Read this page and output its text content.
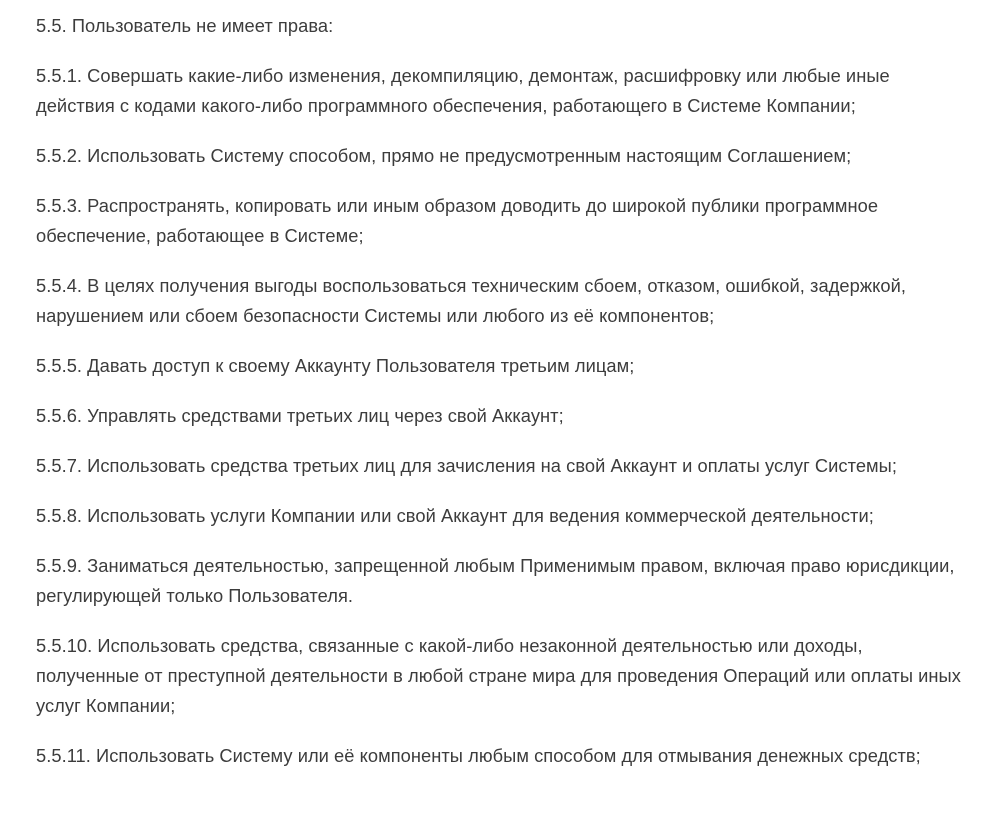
5.5. Пользователь не имеет права:

5.5.1. Совершать какие-либо изменения, декомпиляцию, демонтаж, расшифровку или любые иные действия с кодами какого-либо программного обеспечения, работающего в Системе Компании;

5.5.2. Использовать Систему способом, прямо не предусмотренным настоящим Соглашением;

5.5.3. Распространять, копировать или иным образом доводить до широкой публики программное обеспечение, работающее в Системе;

5.5.4. В целях получения выгоды воспользоваться техническим сбоем, отказом, ошибкой, задержкой, нарушением или сбоем безопасности Системы или любого из её компонентов;

5.5.5. Давать доступ к своему Аккаунту Пользователя третьим лицам;

5.5.6. Управлять средствами третьих лиц через свой Аккаунт;

5.5.7. Использовать средства третьих лиц для зачисления на свой Аккаунт и оплаты услуг Системы;

5.5.8. Использовать услуги Компании или свой Аккаунт для ведения коммерческой деятельности;

5.5.9. Заниматься деятельностью, запрещенной любым Применимым правом, включая право юрисдикции, регулирующей только Пользователя.

5.5.10. Использовать средства, связанные с какой-либо незаконной деятельностью или доходы, полученные от преступной деятельности в любой стране мира для проведения Операций или оплаты иных услуг Компании;

5.5.11. Использовать Систему или её компоненты любым способом для отмывания денежных средств;
